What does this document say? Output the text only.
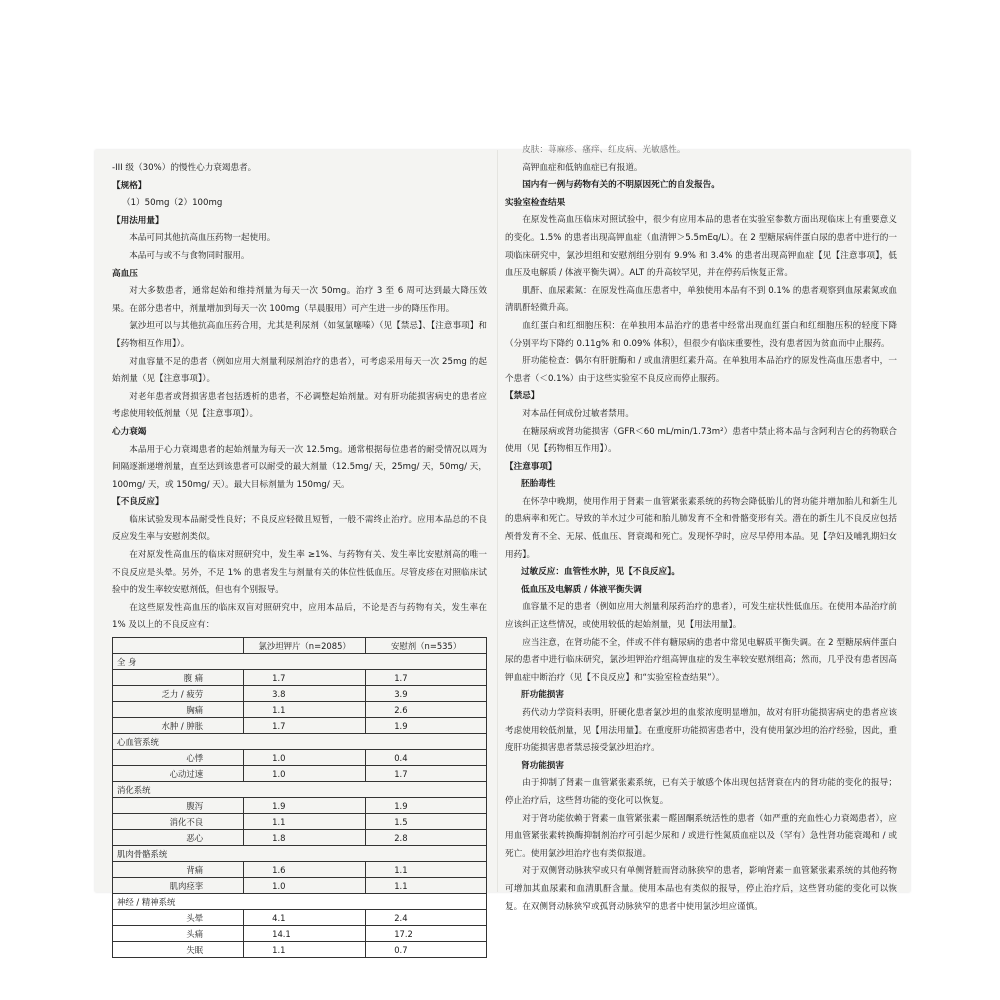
-III 级（30%）的慢性心力衰竭患者。

【规格】
（1）50mg（2）100mg
【用法用量】

本品可同其他抗高血压药物一起使用。

本品可与或不与食物同时服用。

高血压

对大多数患者，通常起始和维持剂量为每天一次 50mg。治疗 3 至 6 周可达到最大降压效果。在部分患者中，剂量增加到每天一次 100mg（早晨服用）可产生进一步的降压作用。

氯沙坦可以与其他抗高血压药合用，尤其是利尿剂（如氢氯噻嗪）（见【禁忌】、【注意事项】和【药物相互作用】）。

对血容量不足的患者（例如应用大剂量利尿剂治疗的患者），可考虑采用每天一次 25mg 的起始剂量（见【注意事项】）。

对老年患者或肾损害患者包括透析的患者，不必调整起始剂量。对有肝功能损害病史的患者应考虑使用较低剂量（见【注意事项】）。

心力衰竭

本品用于心力衰竭患者的起始剂量为每天一次 12.5mg。通常根据每位患者的耐受情况以周为间隔逐渐递增剂量，直至达到该患者可以耐受的最大剂量（12.5mg/ 天，25mg/ 天，50mg/ 天，100mg/ 天，或 150mg/ 天）。最大目标剂量为 150mg/ 天。

【不良反应】

临床试验发现本品耐受性良好；不良反应轻微且短暂，一般不需终止治疗。应用本品总的不良反应发生率与安慰剂类似。

在对原发性高血压的临床对照研究中，发生率 ≥1%、与药物有关、发生率比安慰剂高的唯一不良反应是头晕。另外，不足 1% 的患者发生与剂量有关的体位性低血压。尽管皮疹在对照临床试验中的发生率较安慰剂低，但也有个别报导。

在这些原发性高血压的临床双盲对照研究中，应用本品后，不论是否与药物有关，发生率在 1% 及以上的不良反应有：

	氯沙坦钾片（n=2085）	安慰剂（n=535）
全 身		
腹 痛	1.7	1.7
乏力 / 疲劳	3.8	3.9
胸痛	1.1	2.6
水肿 / 肿胀	1.7	1.9
心血管系统		
心悸	1.0	0.4
心动过速	1.0	1.7
消化系统		
腹泻	1.9	1.9
消化不良	1.1	1.5
恶心	1.8	2.8
肌肉骨骼系统		
背痛	1.6	1.1
肌肉痉挛	1.0	1.1
神经 / 精神系统		
头晕	4.1	2.4
头痛	14.1	17.2
失眠	1.1	0.7

皮肤：荨麻疹、瘙痒、红皮病、光敏感性。

高钾血症和低钠血症已有报道。

国内有一例与药物有关的不明原因死亡的自发报告。

实验室检查结果

在原发性高血压临床对照试验中，很少有应用本品的患者在实验室参数方面出现临床上有重要意义的变化。1.5% 的患者出现高钾血症（血清钾＞5.5mEq/L）。在 2 型糖尿病伴蛋白尿的患者中进行的一项临床研究中，氯沙坦组和安慰剂组分别有 9.9% 和 3.4% 的患者出现高钾血症【见【注意事项】，低血压及电解质 / 体液平衡失调）。ALT 的升高较罕见，并在停药后恢复正常。

肌酐、血尿素氮：在原发性高血压患者中，单独使用本品有不到 0.1% 的患者观察到血尿素氮或血清肌酐轻微升高。

血红蛋白和红细胞压积：在单独用本品治疗的患者中经常出现血红蛋白和红细胞压积的轻度下降（分别平均下降约 0.11g% 和 0.09% 体积），但很少有临床重要性，没有患者因为贫血而中止服药。

肝功能检查：偶尔有肝脏酶和 / 或血清胆红素升高。在单独用本品治疗的原发性高血压患者中，一个患者（＜0.1%）由于这些实验室不良反应而停止服药。

【禁忌】

对本品任何成份过敏者禁用。

在糖尿病或肾功能损害（GFR＜60 mL/min/1.73m²）患者中禁止将本品与含阿利吉仑的药物联合使用（见【药物相互作用】）。

【注意事项】
胚胎毒性

在怀孕中晚期，使用作用于肾素－血管紧张素系统的药物会降低胎儿的肾功能并增加胎儿和新生儿的患病率和死亡。导致的羊水过少可能和胎儿肺发育不全和骨骼变形有关。潜在的新生儿不良反应包括颅骨发育不全、无尿、低血压、肾衰竭和死亡。发现怀孕时，应尽早停用本品。见【孕妇及哺乳期妇女用药】。

过敏反应：血管性水肿，见【不良反应】。
低血压及电解质 / 体液平衡失调

血容量不足的患者（例如应用大剂量利尿药治疗的患者），可发生症状性低血压。在使用本品治疗前应该纠正这些情况，或使用较低的起始剂量，见【用法用量】。

应当注意，在肾功能不全，伴或不伴有糖尿病的患者中常见电解质平衡失调。在 2 型糖尿病伴蛋白尿的患者中进行临床研究，氯沙坦钾治疗组高钾血症的发生率较安慰剂组高；然而，几乎没有患者因高钾血症中断治疗（见【不良反应】和“实验室检查结果”）。

肝功能损害

药代动力学资料表明，肝硬化患者氯沙坦的血浆浓度明显增加，故对有肝功能损害病史的患者应该考虑使用较低剂量，见【用法用量】。在重度肝功能损害患者中，没有使用氯沙坦的治疗经验，因此，重度肝功能损害患者禁忌接受氯沙坦治疗。

肾功能损害

由于抑制了肾素－血管紧张素系统，已有关于敏感个体出现包括肾衰在内的肾功能的变化的报导；停止治疗后，这些肾功能的变化可以恢复。

对于肾功能依赖于肾素－血管紧张素－醛固酮系统活性的患者（如严重的充血性心力衰竭患者），应用血管紧张素转换酶抑制剂治疗可引起少尿和 / 或进行性氮质血症以及（罕有）急性肾功能衰竭和 / 或死亡。使用氯沙坦治疗也有类似报道。

对于双侧肾动脉狭窄或只有单侧肾脏而肾动脉狭窄的患者，影响肾素－血管紧张素系统的其他药物可增加其血尿素和血清肌酐含量。使用本品也有类似的报导，停止治疗后，这些肾功能的变化可以恢复。在双侧肾动脉狭窄或孤肾动脉狭窄的患者中使用氯沙坦应谨慎。
